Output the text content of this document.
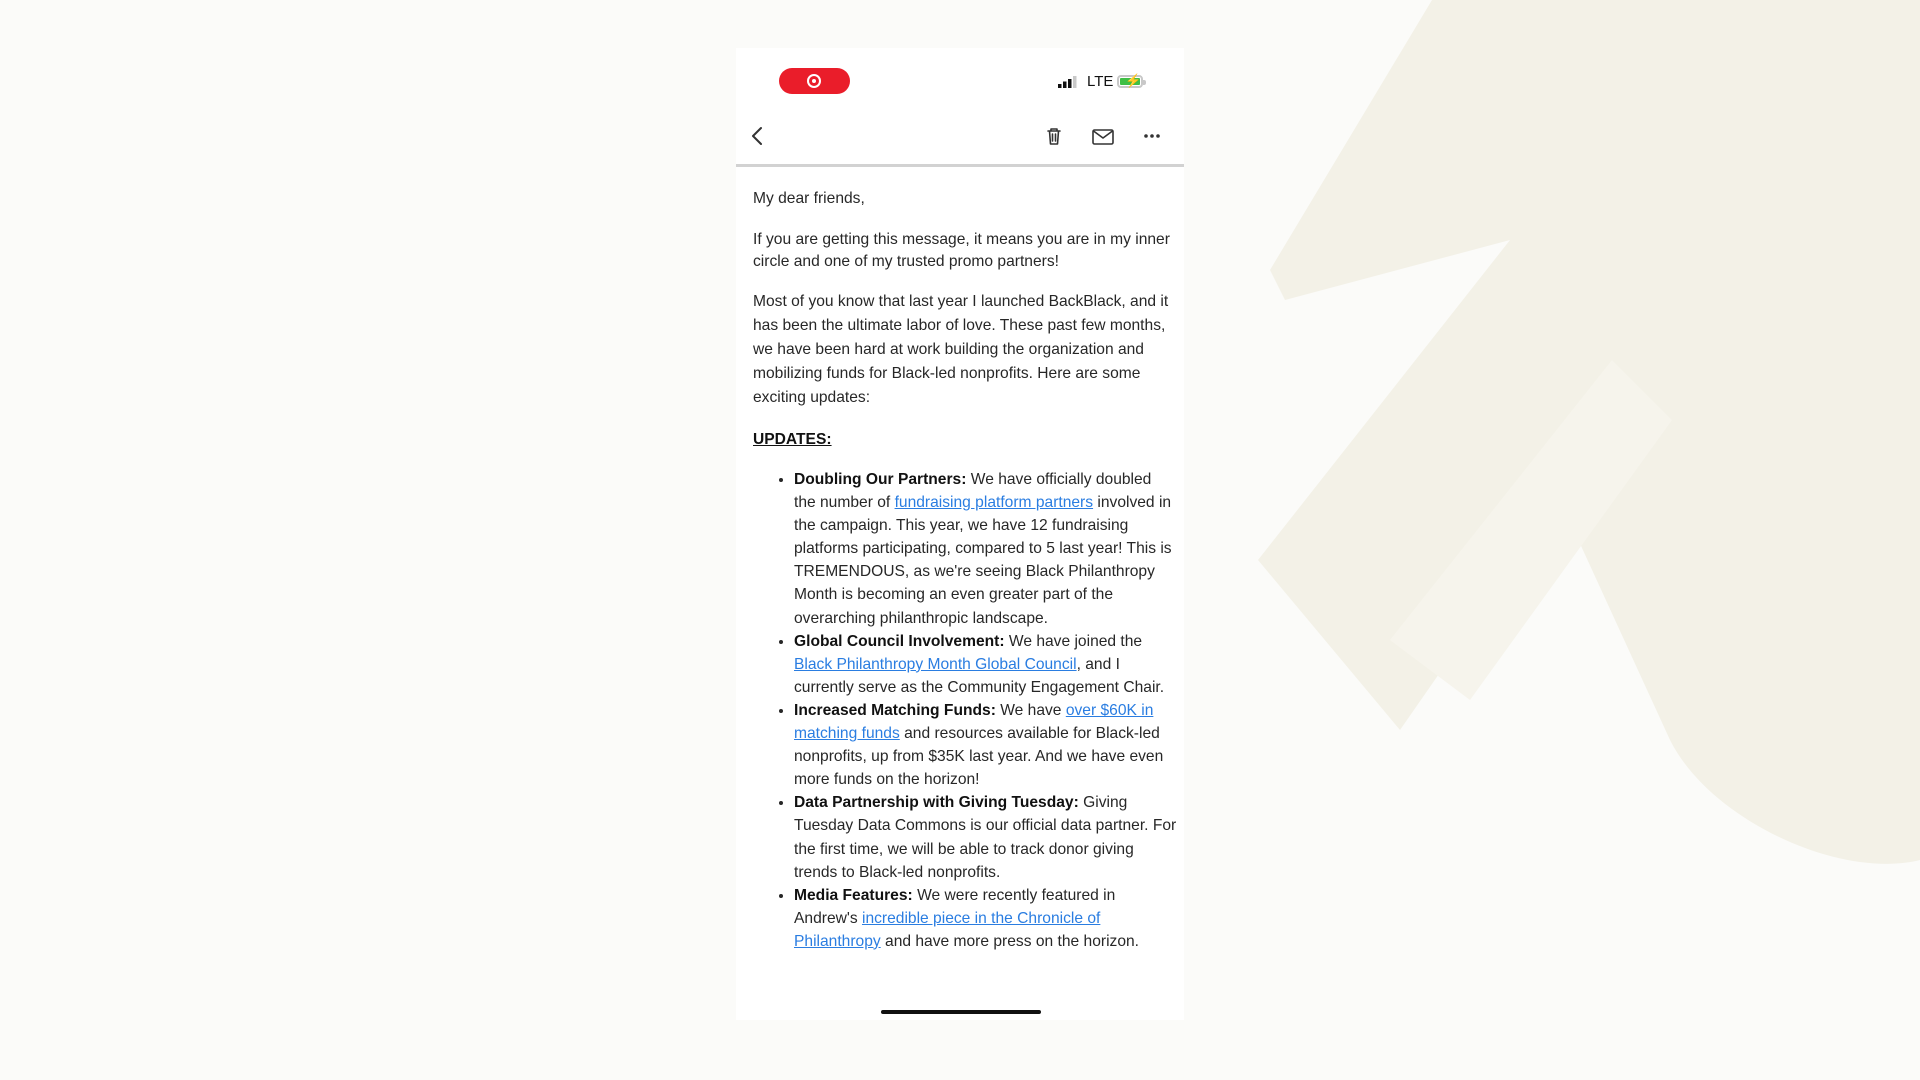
LTE ⚡

My dear friends,

If you are getting this message, it means you are in my inner circle and one of my trusted promo partners!

Most of you know that last year I launched BackBlack, and it has been the ultimate labor of love. These past few months, we have been hard at work building the organization and mobilizing funds for Black-led nonprofits. Here are some exciting updates:

UPDATES:
• Doubling Our Partners: We have officially doubled the number of fundraising platform partners involved in the campaign. This year, we have 12 fundraising platforms participating, compared to 5 last year! This is TREMENDOUS, as we're seeing Black Philanthropy Month is becoming an even greater part of the overarching philanthropic landscape.
• Global Council Involvement: We have joined the Black Philanthropy Month Global Council, and I currently serve as the Community Engagement Chair.
• Increased Matching Funds: We have over $60K in matching funds and resources available for Black-led nonprofits, up from $35K last year. And we have even more funds on the horizon!
• Data Partnership with Giving Tuesday: Giving Tuesday Data Commons is our official data partner. For the first time, we will be able to track donor giving trends to Black-led nonprofits.
• Media Features: We were recently featured in Andrew's incredible piece in the Chronicle of Philanthropy and have more press on the horizon.
